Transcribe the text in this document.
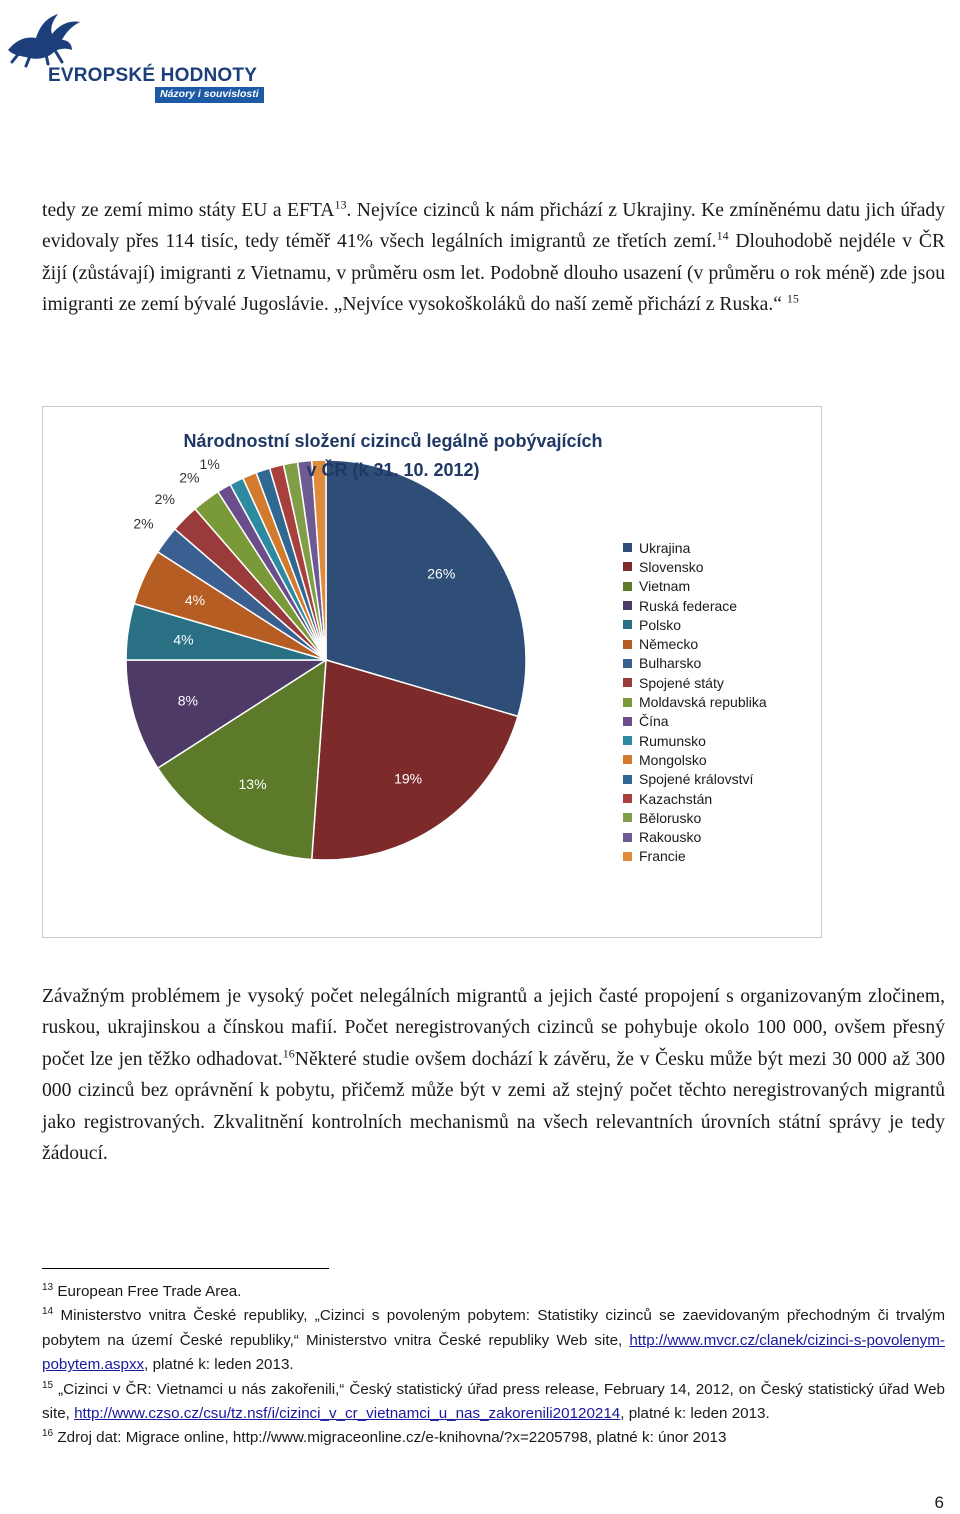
EVROPSKÉ HODNOTY
Názory i souvislosti

tedy ze zemí mimo státy EU a EFTA$^{13}$. Nejvíce cizinců k nám přichází z Ukrajiny. Ke zmíněnému datu jich úřady evidovaly přes 114 tisíc, tedy téměř 41% všech legálních imigrantů ze třetích zemí.$^{14}$ Dlouhodobě nejdéle v ČR žijí (zůstávají) imigranti z Vietnamu, v průměru osm let. Podobně dlouho usazení (v průměru o rok méně) zde jsou imigranti ze zemí bývalé Jugoslávie. „Nejvíce vysokoškoláků do naší země přichází z Ruska.“ $^{15}$

26%
19%
13%
8%
4%
4%
2%
2%
2%
1%
Národnostní složení cizinců legálně pobývajících v ČR (k 31. 10. 2012)
Ukrajina
Slovensko
Vietnam
Ruská federace
Polsko
Německo
Bulharsko
Spojené státy
Moldavská republika
Čína
Rumunsko
Mongolsko
Spojené království
Kazachstán
Bělorusko
Rakousko
Francie

Závažným problémem je vysoký počet nelegálních migrantů a jejich časté propojení s organizovaným zločinem, ruskou, ukrajinskou a čínskou mafií. Počet neregistrovaných cizinců se pohybuje okolo 100 000, ovšem přesný počet lze jen těžko odhadovat.$^{16}$Některé studie ovšem dochází k závěru, že v Česku může být mezi 30 000 až 300 000 cizinců bez oprávnění k pobytu, přičemž může být v zemi až stejný počet těchto neregistrovaných migrantů jako registrovaných. Zkvalitnění kontrolních mechanismů na všech relevantních úrovních státní správy je tedy žádoucí.

$^{13}$ European Free Trade Area.

$^{14}$ Ministerstvo vnitra České republiky, „Cizinci s povoleným pobytem: Statistiky cizinců se zaevidovaným přechodným či trvalým pobytem na území České republiky,“ Ministerstvo vnitra České republiky Web site, http://www.mvcr.cz/clanek/cizinci-s-povolenym-pobytem.aspxx, platné k: leden 2013.

$^{15}$ „Cizinci v ČR: Vietnamci u nás zakořenili,“ Český statistický úřad press release, February 14, 2012, on Český statistický úřad Web site, http://www.czso.cz/csu/tz.nsf/i/cizinci_v_cr_vietnamci_u_nas_zakorenili20120214, platné k: leden 2013.

$^{16}$ Zdroj dat: Migrace online, http://www.migraceonline.cz/e-knihovna/?x=2205798, platné k: únor 2013

6
